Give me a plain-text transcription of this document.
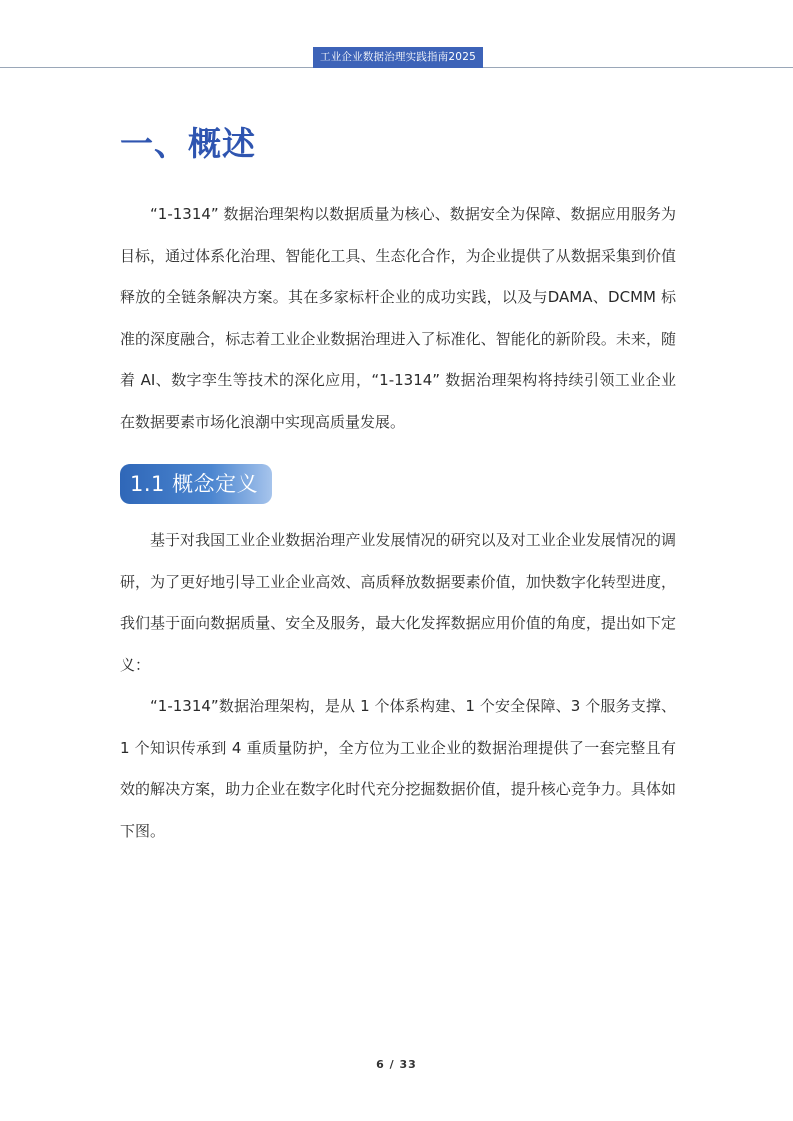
工业企业数据治理实践指南2025
一、概述

“1-1314” 数据治理架构以数据质量为核心、数据安全为保障、数据应用服务为目标，通过体系化治理、智能化工具、生态化合作，为企业提供了从数据采集到价值释放的全链条解决方案。其在多家标杆企业的成功实践，以及与DAMA、DCMM 标准的深度融合，标志着工业企业数据治理进入了标准化、智能化的新阶段。未来，随着 AI、数字孪生等技术的深化应用，“1-1314” 数据治理架构将持续引领工业企业在数据要素市场化浪潮中实现高质量发展。

1.1 概念定义

基于对我国工业企业数据治理产业发展情况的研究以及对工业企业发展情况的调研，为了更好地引导工业企业高效、高质释放数据要素价值，加快数字化转型进度，我们基于面向数据质量、安全及服务，最大化发挥数据应用价值的角度，提出如下定义：

“1-1314”数据治理架构，是从 1 个体系构建、1 个安全保障、3 个服务支撑、1 个知识传承到 4 重质量防护，全方位为工业企业的数据治理提供了一套完整且有效的解决方案，助力企业在数字化时代充分挖掘数据价值，提升核心竞争力。具体如下图。

6 / 33
